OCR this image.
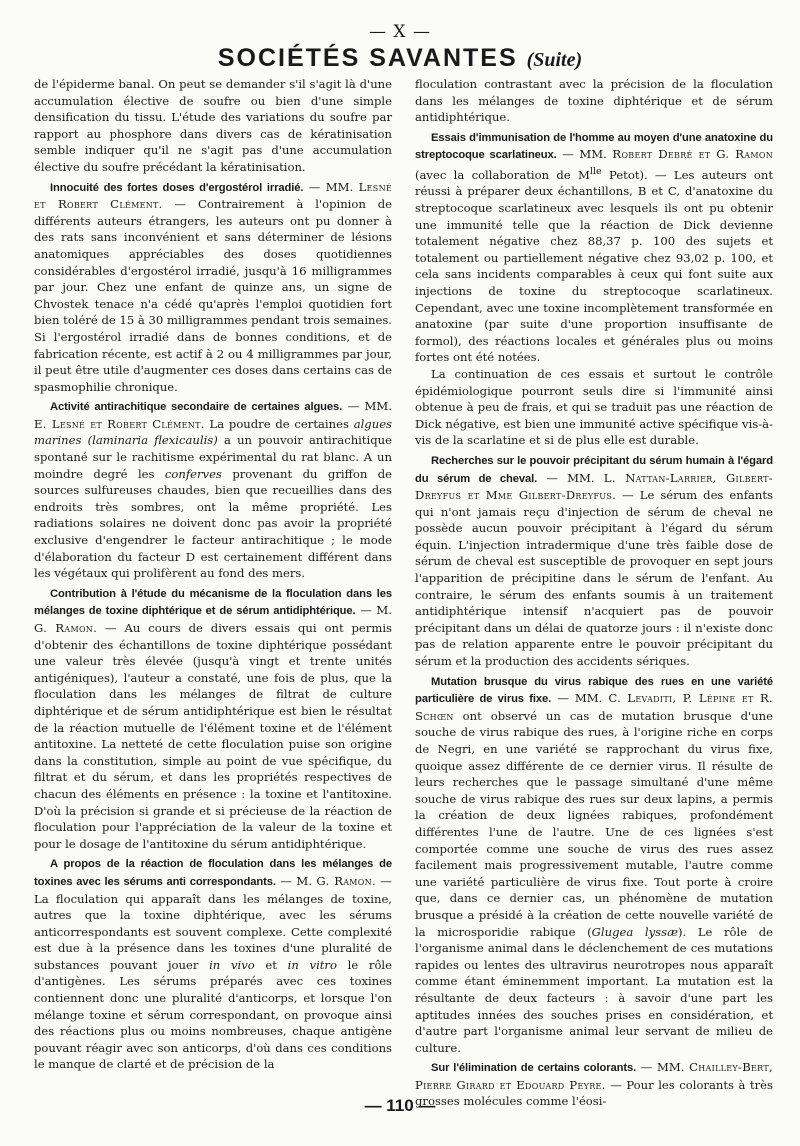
— X —
SOCIÉTÉS SAVANTES (Suite)

de l'épiderme banal. On peut se demander s'il s'agit là d'une accumulation élective de soufre ou bien d'une simple densification du tissu. L'étude des variations du soufre par rapport au phosphore dans divers cas de kératinisation semble indiquer qu'il ne s'agit pas d'une accumulation élective du soufre précédant la kératinisation.

Innocuité des fortes doses d'ergostérol irradié. — MM. Lesné et Robert Clément. — Contrairement à l'opinion de différents auteurs étrangers, les auteurs ont pu donner à des rats sans inconvénient et sans déterminer de lésions anatomiques appréciables des doses quotidiennes considérables d'ergostérol irradié, jusqu'à 16 milligrammes par jour. Chez une enfant de quinze ans, un signe de Chvostek tenace n'a cédé qu'après l'emploi quotidien fort bien toléré de 15 à 30 milligrammes pendant trois semaines. Si l'ergostérol irradié dans de bonnes conditions, et de fabrication récente, est actif à 2 ou 4 milligrammes par jour, il peut être utile d'augmenter ces doses dans certains cas de spasmophilie chronique.

Activité antirachitique secondaire de certaines algues. — MM. E. Lesné et Robert Clément. La poudre de certaines algues marines (laminaria flexicaulis) a un pouvoir antirachitique spontané sur le rachitisme expérimental du rat blanc. A un moindre degré les conferves provenant du griffon de sources sulfureuses chaudes, bien que recueillies dans des endroits très sombres, ont la même propriété. Les radiations solaires ne doivent donc pas avoir la propriété exclusive d'engendrer le facteur antirachitique ; le mode d'élaboration du facteur D est certainement différent dans les végétaux qui prolifèrent au fond des mers.

Contribution à l'étude du mécanisme de la floculation dans les mélanges de toxine diphtérique et de sérum antidiphtérique. — M. G. Ramon. — Au cours de divers essais qui ont permis d'obtenir des échantillons de toxine diphtérique possédant une valeur très élevée (jusqu'à vingt et trente unités antigéniques), l'auteur a constaté, une fois de plus, que la floculation dans les mélanges de filtrat de culture diphtérique et de sérum antidiphtérique est bien le résultat de la réaction mutuelle de l'élément toxine et de l'élément antitoxine. La netteté de cette floculation puise son origine dans la constitution, simple au point de vue spécifique, du filtrat et du sérum, et dans les propriétés respectives de chacun des éléments en présence : la toxine et l'antitoxine. D'où la précision si grande et si précieuse de la réaction de floculation pour l'appréciation de la valeur de la toxine et pour le dosage de l'antitoxine du sérum antidiphtérique.

A propos de la réaction de floculation dans les mélanges de toxines avec les sérums anti correspondants. — M. G. Ramon. — La floculation qui apparaît dans les mélanges de toxine, autres que la toxine diphtérique, avec les sérums anticorrespondants est souvent complexe. Cette complexité est due à la présence dans les toxines d'une pluralité de substances pouvant jouer in vivo et in vitro le rôle d'antigènes. Les sérums préparés avec ces toxines contiennent donc une pluralité d'anticorps, et lorsque l'on mélange toxine et sérum correspondant, on provoque ainsi des réactions plus ou moins nombreuses, chaque antigène pouvant réagir avec son anticorps, d'où dans ces conditions le manque de clarté et de précision de la

floculation contrastant avec la précision de la floculation dans les mélanges de toxine diphtérique et de sérum antidiphtérique.

Essais d'immunisation de l'homme au moyen d'une anatoxine du streptocoque scarlatineux. — MM. Robert Debré et G. Ramon (avec la collaboration de $M^{lle}$ Petot). — Les auteurs ont réussi à préparer deux échantillons, B et C, d'anatoxine du streptocoque scarlatineux avec lesquels ils ont pu obtenir une immunité telle que la réaction de Dick devienne totalement négative chez 88,37 p. 100 des sujets et totalement ou partiellement négative chez 93,02 p. 100, et cela sans incidents comparables à ceux qui font suite aux injections de toxine du streptocoque scarlatineux. Cependant, avec une toxine incomplètement transformée en anatoxine (par suite d'une proportion insuffisante de formol), des réactions locales et générales plus ou moins fortes ont été notées.

La continuation de ces essais et surtout le contrôle épidémiologique pourront seuls dire si l'immunité ainsi obtenue à peu de frais, et qui se traduit pas une réaction de Dick négative, est bien une immunité active spécifique vis-à-vis de la scarlatine et si de plus elle est durable.

Recherches sur le pouvoir précipitant du sérum humain à l'égard du sérum de cheval. — MM. L. Nattan-Larrier, Gilbert-Dreyfus et Mme Gilbert-Dreyfus. — Le sérum des enfants qui n'ont jamais reçu d'injection de sérum de cheval ne possède aucun pouvoir précipitant à l'égard du sérum équin. L'injection intradermique d'une très faible dose de sérum de cheval est susceptible de provoquer en sept jours l'apparition de précipitine dans le sérum de l'enfant. Au contraire, le sérum des enfants soumis à un traitement antidiphtérique intensif n'acquiert pas de pouvoir précipitant dans un délai de quatorze jours : il n'existe donc pas de relation apparente entre le pouvoir précipitant du sérum et la production des accidents sériques.

Mutation brusque du virus rabique des rues en une variété particulière de virus fixe. — MM. C. Levaditi, P. Lépine et R. Schœn ont observé un cas de mutation brusque d'une souche de virus rabique des rues, à l'origine riche en corps de Negri, en une variété se rapprochant du virus fixe, quoique assez différente de ce dernier virus. Il résulte de leurs recherches que le passage simultané d'une même souche de virus rabique des rues sur deux lapins, a permis la création de deux lignées rabiques, profondément différentes l'une de l'autre. Une de ces lignées s'est comportée comme une souche de virus des rues assez facilement mais progressivement mutable, l'autre comme une variété particulière de virus fixe. Tout porte à croire que, dans ce dernier cas, un phénomène de mutation brusque a présidé à la création de cette nouvelle variété de la microsporidie rabique (Glugea lyssæ). Le rôle de l'organisme animal dans le déclenchement de ces mutations rapides ou lentes des ultravirus neurotropes nous apparaît comme étant éminemment important. La mutation est la résultante de deux facteurs : à savoir d'une part les aptitudes innées des souches prises en considération, et d'autre part l'organisme animal leur servant de milieu de culture.

Sur l'élimination de certains colorants. — MM. Chailley-Bert, Pierre Girard et Edouard Peyre. — Pour les colorants à très grosses molécules comme l'éosi-

— 110 —
